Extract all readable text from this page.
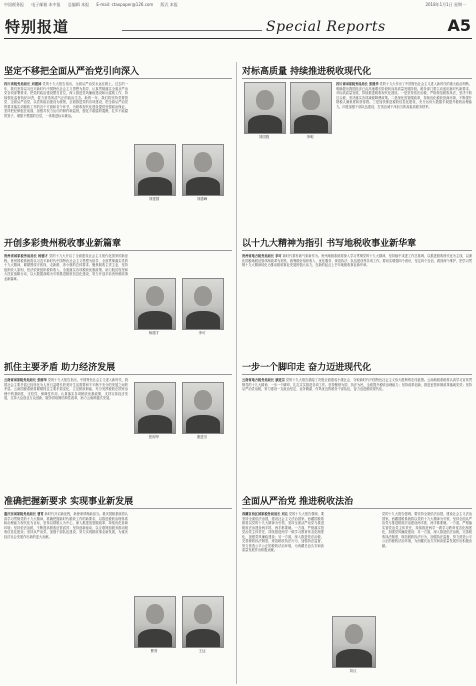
中国税务报 电子邮箱 本中报 总编辑 本报 E-mail: ctaxpaper@126.com 版式 本报	2018年1月1日 星期一
特别报道	Special Reports	A5
坚定不移把全面从严治党引向深入
四川省税务局局长 刘建国 党的十九大报告指出，全面从严治党永远在路上。过去的一年，我们坚持以习近平新时代中国特色社会主义思想为指导，认真贯彻落实全面从严治党各项部署要求，把党的政治建设摆在首位，深入推进党风廉政建设和反腐败工作，持续强化监督执纪问责，着力营造风清气正的政治生态。新的一年，我们将坚持党要管党、全面从严治党，以党的政治建设为统领，全面推进党的各项建设，把全面从严治党的要求落实到税收工作的各个方面和各个环节，为税收现代化建设提供坚强政治保证。坚持把纪律挺在前面，加强对权力运行的制约和监督，强化不敢腐的震慑，扎牢不能腐的笼子，增强不想腐的自觉，一体推进标本兼治。
刘建国	刘德峰
对标高质量 持续推进税收现代化
刘国胜	李明
四川省国家税务局局长 张建华 党的十九大作出了中国特色社会主义进入新时代的重大政治判断，明确提出我国经济已由高速增长阶段转向高质量发展阶段。税务部门要主动适应新时代新要求，对标高质量发展，持续推进税收现代化建设。一是坚持依法治税，严格规范税收执法，坚决不收过头税，坚决落实各项减税降费政策。二是深化放管服改革，持续优化税收营商环境，不断提升纳税人满意度和获得感。三是加快推进税收信息化建设，充分运用大数据手段提升税收治理能力。四是加强干部队伍建设，打造忠诚干净担当的高素质税务铁军。
开创多彩贵州税收事业新篇章
贵州省国家税务局局长 杨德才 党的十九大开启了全面建设社会主义现代化国家的新征程。贵州国税系统将以习近平新时代中国特色社会主义思想为指导，全面贯彻落实党的十九大精神，紧紧围绕守底线、走新路、奔小康的总体要求，聚焦税收主责主业，坚持组织收入原则，依法依规组织税收收入，全面落实各项税收优惠政策，助力脱贫攻坚和大扶贫战略行动，以大数据战略为引领推进税收信息化建设，努力开创多彩贵州税收事业新篇章。
杨德才	李可
以十九大精神为指引 书写地税收事业新华章
贵州省地方税务局局长 李可 新时代要有新气象新作为。贵州地税系统将深入学习贯彻党的十九大精神，坚持稳中求进工作总基调，以推进税收现代化为主线，以深化国税地税征管体制改革为契机，统筹做好组织收入、优化服务、规范执法、队伍建设等各项工作。要切实增强四个意识，坚定四个自信，做到两个维护，把学习贯彻十九大精神转化为推动税收事业发展的强大动力，在新的起点上书写地税收事业新华章。
抓住主要矛盾 助力经济发展
云南省国家税务局局长 张树华 党的十九大报告指出，中国特色社会主义进入新时代，我国社会主要矛盾已经转化为人民日益增长的美好生活需要和不平衡不充分的发展之间的矛盾。云南国税系统将紧紧抓住主要矛盾变化，立足税收职能，充分发挥税收在国家治理中的基础性、支柱性、保障性作用，认真落实各项税收优惠政策，支持实体经济发展，支持大众创业万众创新，服务供给侧结构性改革，助力云南跨越式发展。
张树华	康进宗
一步一个脚印走 奋力迈进现代化
云南省地方税务局局长 康进宗 党的十九大报告描绘了决胜全面建成小康社会、夺取新时代中国特色社会主义伟大胜利的宏伟蓝图。云南地税系统将认真学习宣传贯彻党的十九大精神，一步一个脚印，扎扎实实推进各项工作。坚持聚财为国、执法为民，全面提升税收治理能力；坚持改革创新，推进征管体制改革落地见效；坚持从严治党治税，努力建设一支政治坚定、业务精湛、作风优良的税务干部队伍，奋力迈进税收现代化。
准确把握新要求 实现事业新发展
重庆市国家税务局局长 曹青 新时代开启新征程，新使命呼唤新担当。重庆国税系统将认真学习贯彻党的十九大精神，准确把握新时代税收工作的新要求，以推进税收治理体系和治理能力现代化为目标，坚持以纳税人为中心，深入推进放管服改革，持续优化营商环境；坚持依法治税，不断提高税收征管质效；坚持创新驱动，以互联网加税务推动税收信息化建设；坚持从严治党，加强干部队伍建设，努力实现税收事业新发展，为重庆经济社会发展作出新的更大贡献。
曹青	王达
全面从严治党 推进税收法治
西藏自治区国家税务局局长 刘旦 党的十九大报告强调，要坚持全面依法治国，建设社会主义法治国家。西藏国税系统将以党的十九大精神为引领，坚持全面从严治党与推进税收法治建设两手抓、两手都要硬。一方面，严格落实管党治党主体责任，持续推进两学一做学习教育常态化制度化，加强党风廉政建设；另一方面，深入推进依法治税，完善税收执法制度，规范税收执法行为，加强执法监督，努力营造公平公正的税收法治环境，为西藏长治久安和高质量发展作出积极贡献。
刘旦
党的十九大报告强调，要坚持全面依法治国，建设社会主义法治国家。西藏国税系统将以党的十九大精神为引领，坚持全面从严治党与推进税收法治建设两手抓、两手都要硬。一方面，严格落实管党治党主体责任，持续推进两学一做学习教育常态化制度化，加强党风廉政建设；另一方面，深入推进依法治税，完善税收执法制度，规范税收执法行为，加强执法监督，努力营造公平公正的税收法治环境，为西藏长治久安和高质量发展作出积极贡献。
